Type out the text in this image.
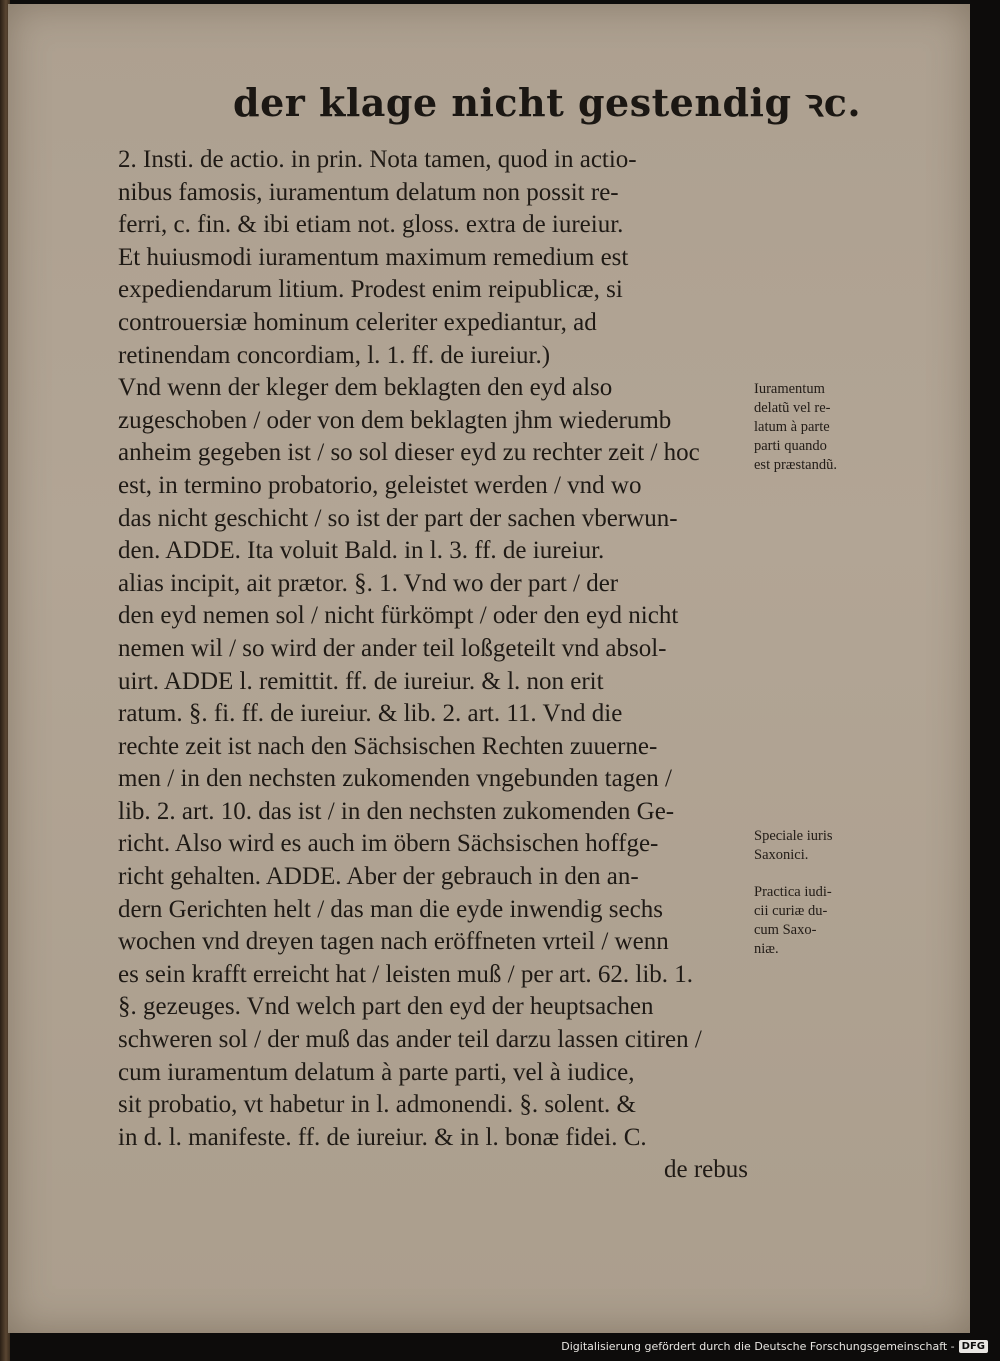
der klage nicht gestendig ꝛc.
2. Insti. de actio. in prin. Nota tamen, quod in actio-
nibus famosis, iuramentum delatum non possit re-
ferri, c. fin. & ibi etiam not. gloss. extra de iureiur.
Et huiusmodi iuramentum maximum remedium est
expediendarum litium. Prodest enim reipublicæ, si
controuersiæ hominum celeriter expediantur, ad
retinendam concordiam, l. 1. ff. de iureiur.)
Vnd wenn der kleger dem beklagten den eyd also
zugeschoben / oder von dem beklagten jhm wiederumb
anheim gegeben ist / so sol dieser eyd zu rechter zeit / hoc
est, in termino probatorio, geleistet werden / vnd wo
das nicht geschicht / so ist der part der sachen vberwun-
den. ADDE. Ita voluit Bald. in l. 3. ff. de iureiur.
alias incipit, ait prætor. §. 1. Vnd wo der part / der
den eyd nemen sol / nicht fürkömpt / oder den eyd nicht
nemen wil / so wird der ander teil loßgeteilt vnd absol-
uirt. ADDE l. remittit. ff. de iureiur. & l. non erit
ratum. §. fi. ff. de iureiur. & lib. 2. art. 11. Vnd die
rechte zeit ist nach den Sächsischen Rechten zuuerne-
men / in den nechsten zukomenden vngebunden tagen /
lib. 2. art. 10. das ist / in den nechsten zukomenden Ge-
richt. Also wird es auch im öbern Sächsischen hoffge-
richt gehalten. ADDE. Aber der gebrauch in den an-
dern Gerichten helt / das man die eyde inwendig sechs
wochen vnd dreyen tagen nach eröffneten vrteil / wenn
es sein krafft erreicht hat / leisten muß / per art. 62. lib. 1.
§. gezeuges. Vnd welch part den eyd der heuptsachen
schweren sol / der muß das ander teil darzu lassen citiren /
cum iuramentum delatum à parte parti, vel à iudice,
sit probatio, vt habetur in l. admonendi. §. solent. &
in d. l. manifeste. ff. de iureiur. & in l. bonæ fidei. C.
de rebus
Iuramentum
delatũ vel re-
latum à parte
parti quando
est præstandũ.
Speciale iuris
Saxonici.
Practica iudi-
cii curiæ du-
cum Saxo-
niæ.
Digitalisierung gefördert durch die Deutsche Forschungsgemeinschaft - DFG
